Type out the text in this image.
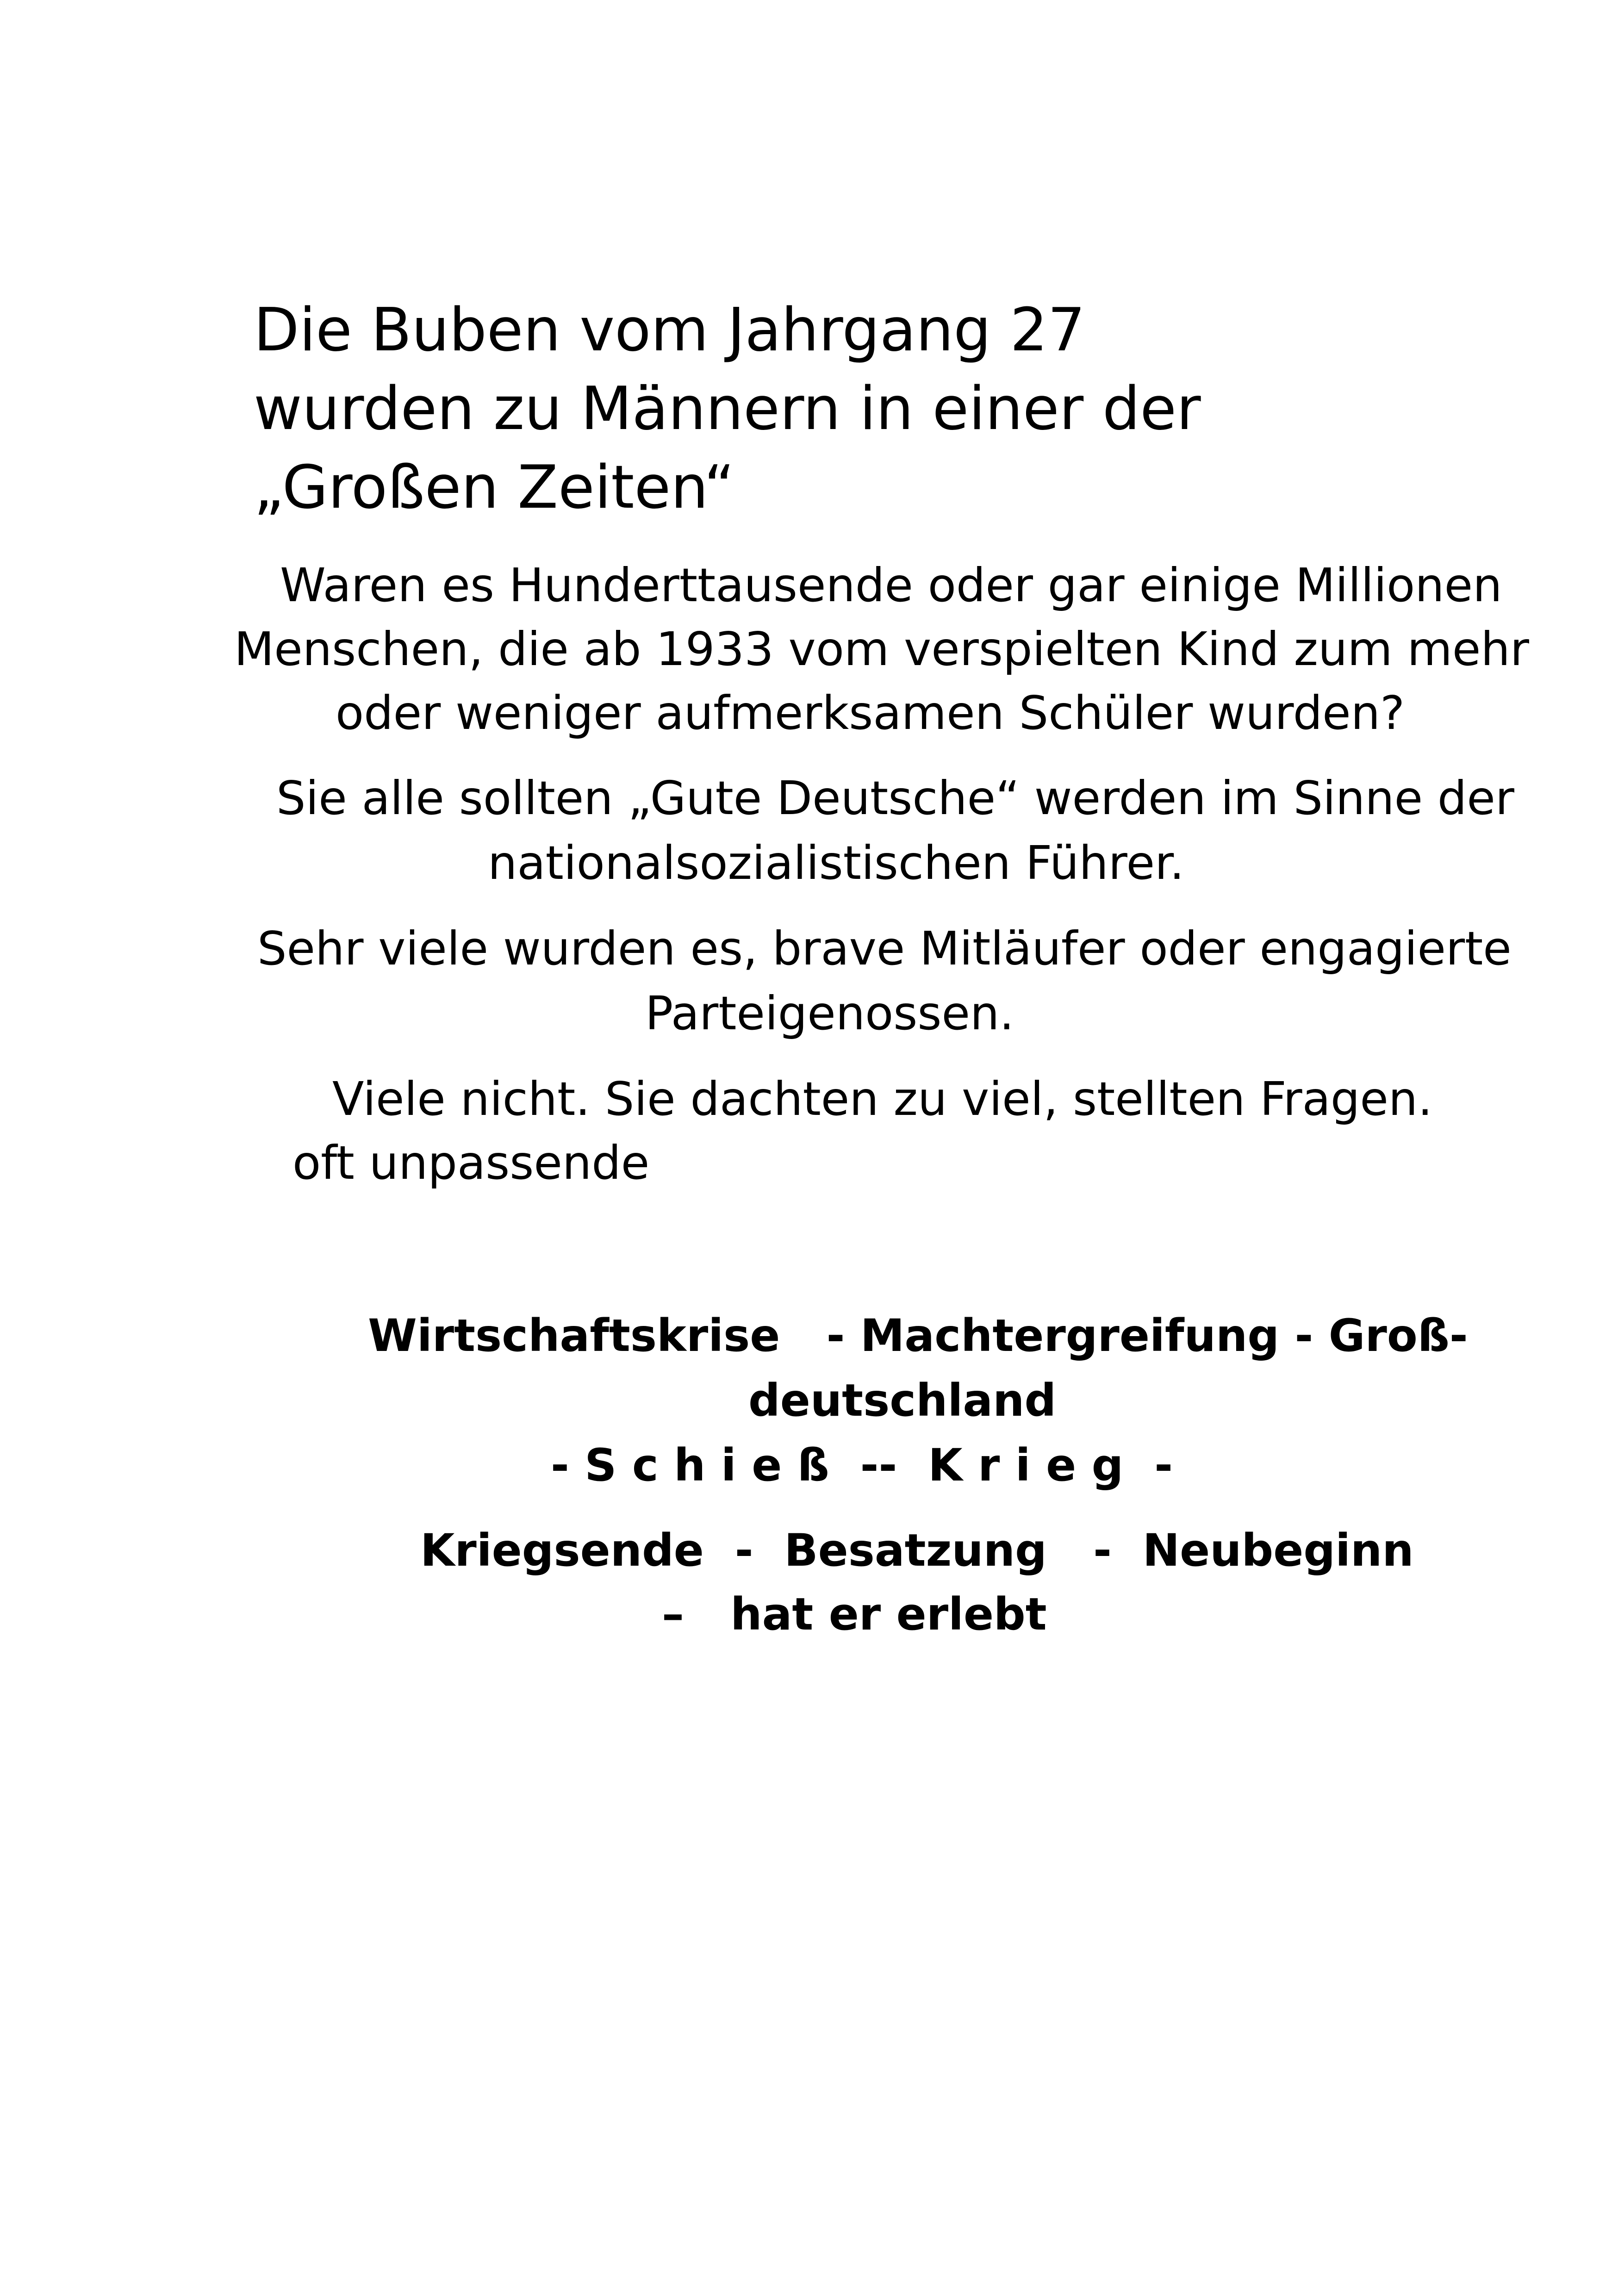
Die Buben vom Jahrgang 27
wurden zu Männern in einer der
„Großen Zeiten“
Waren es Hunderttausende oder gar einige Millionen
Menschen, die ab 1933 vom verspielten Kind zum mehr
oder weniger aufmerksamen Schüler wurden?
Sie alle sollten „Gute Deutsche“ werden im Sinne der
nationalsozialistischen Führer.
Sehr viele wurden es, brave Mitläufer oder engagierte
Parteigenossen.
Viele nicht. Sie dachten zu viel, stellten Fragen.
oft unpassende
Wirtschaftskrise   - Machtergreifung - Groß-
deutschland
- S c h i e ß  --  K r i e g  -
Kriegsende  -  Besatzung   -  Neubeginn
–   hat er erlebt
